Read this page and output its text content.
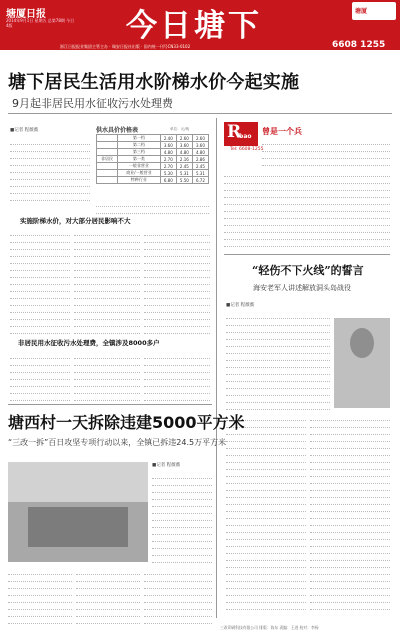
塘厦日报
2014年9月1日 星期五 总第78期 今日4版	今日塘下	塘厦
浙江日报报业集团主管主办 · 瑞安日报社出版 · 国内统一刊号CN33-0102	6608 1255
塘下居民生活用水阶梯水价今起实施
9月起非居民用水征收污水处理费
■记者 程薇薇	供水具价价格表
	第一档	2.40	2.60	2.60
	第二档	3.60	3.60	3.60
	第三档	4.80	4.80	4.80
非居民	第一类	2.70	2.16	2.86
	一般非营业	2.70	2.45	2.45
	商业/一般营业	5.30	5.31	5.31
	特种行业	6.80	5.50	6.72
单位：元/吨
实施阶梯水价，对大部分居民影响不大
非居民用水征收污水处理费，全镇涉及8000多户
R
ibao
曾是一个兵
Tel: 6608-1255
“轻伤不下火线”的誓言
海安老军人讲述解放洞头岛战役
■记者 程薇薇
塘西村一天拆除违建5000平方米
“三改一拆”百日攻坚专项行动以来，全镇已拆违24.5万平方米
■记者 程薇薇
三改印刷科技有限公司 排版：陈东 责编：王进 校对：李杨
